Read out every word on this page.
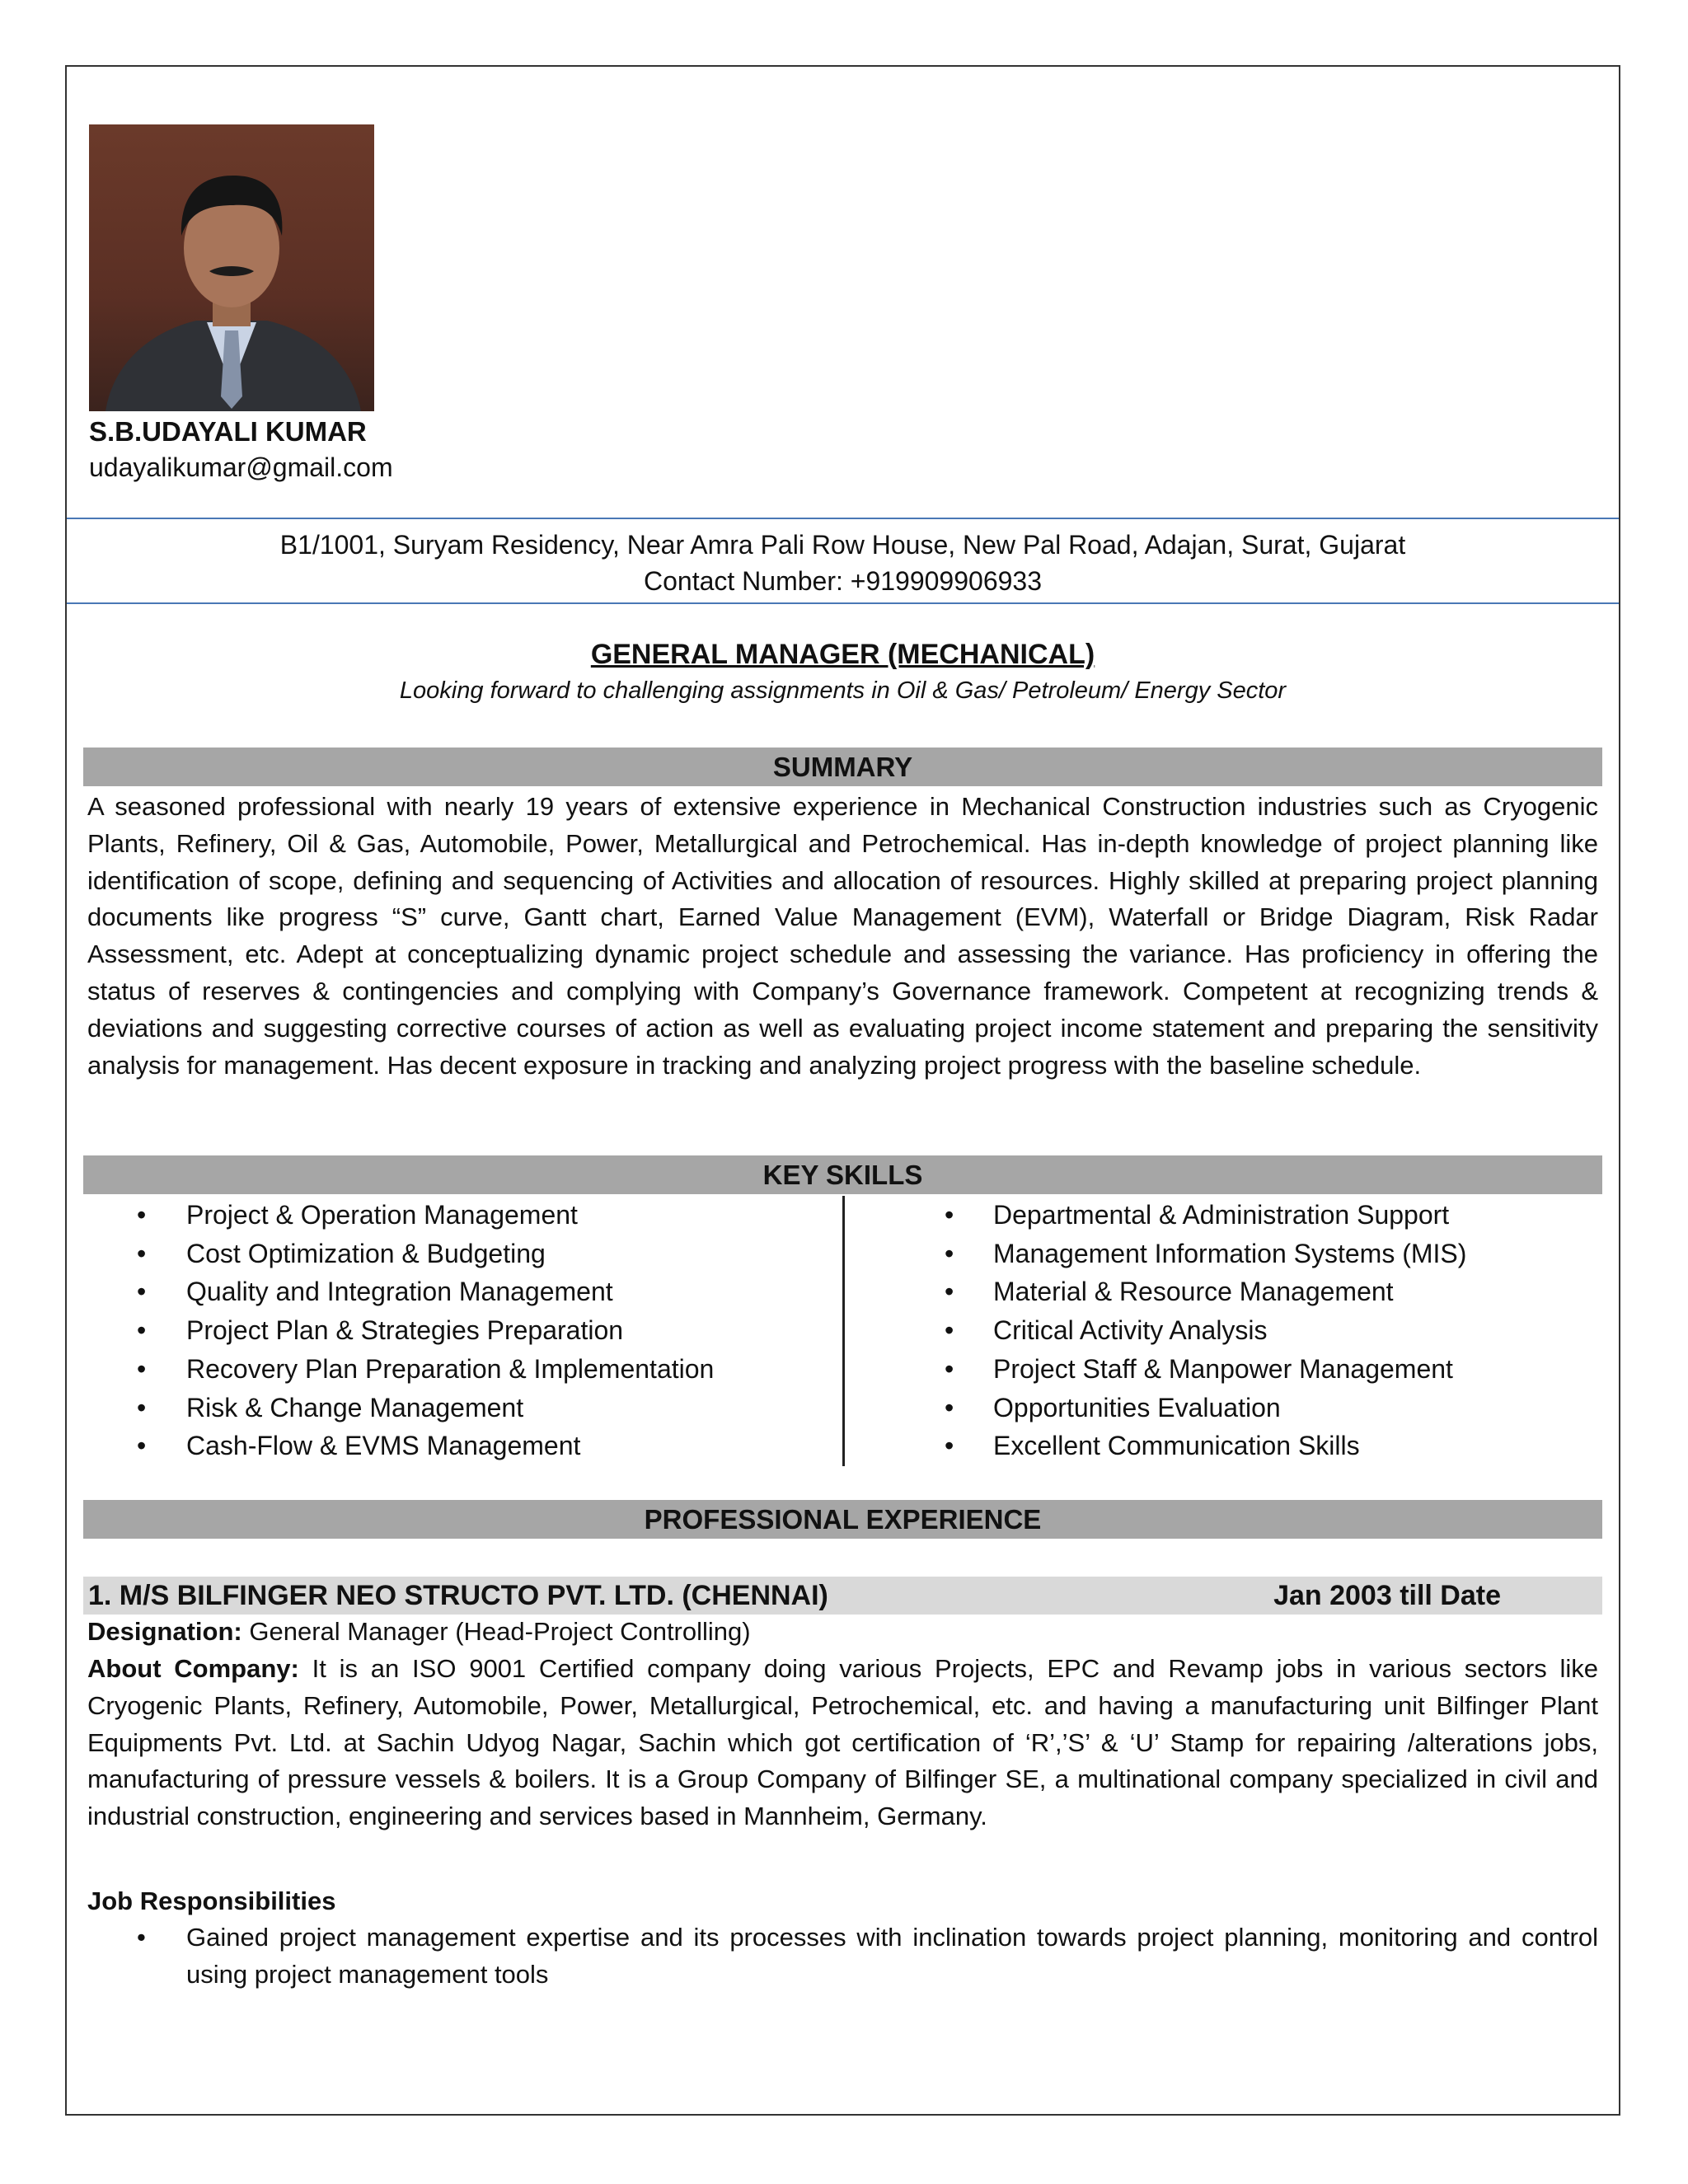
S.B.UDAYALI KUMAR
udayalikumar@gmail.com
B1/1001, Suryam Residency, Near Amra Pali Row House, New Pal Road, Adajan, Surat, Gujarat
Contact Number: +919909906933
GENERAL MANAGER (MECHANICAL)
Looking forward to challenging assignments in Oil & Gas/ Petroleum/ Energy Sector
SUMMARY
A seasoned professional with nearly 19 years of extensive experience in Mechanical Construction industries such as Cryogenic Plants, Refinery, Oil & Gas, Automobile, Power, Metallurgical and Petrochemical. Has in-depth knowledge of project planning like identification of scope, defining and sequencing of Activities and allocation of resources. Highly skilled at preparing project planning documents like progress “S” curve, Gantt chart, Earned Value Management (EVM), Waterfall or Bridge Diagram, Risk Radar Assessment, etc. Adept at conceptualizing dynamic project schedule and assessing the variance. Has proficiency in offering the status of reserves & contingencies and complying with Company’s Governance framework. Competent at recognizing trends & deviations and suggesting corrective courses of action as well as evaluating project income statement and preparing the sensitivity analysis for management. Has decent exposure in tracking and analyzing project progress with the baseline schedule.
KEY SKILLS
• Project & Operation Management
• Cost Optimization & Budgeting
• Quality and Integration Management
• Project Plan & Strategies Preparation
• Recovery Plan Preparation & Implementation
• Risk & Change Management
• Cash-Flow & EVMS Management
• Departmental & Administration Support
• Management Information Systems (MIS)
• Material & Resource Management
• Critical Activity Analysis
• Project Staff & Manpower Management
• Opportunities Evaluation
• Excellent Communication Skills
PROFESSIONAL EXPERIENCE
1. M/S BILFINGER NEO STRUCTO PVT. LTD. (CHENNAI)	Jan 2003 till Date
Designation: General Manager (Head-Project Controlling)
About Company: It is an ISO 9001 Certified company doing various Projects, EPC and Revamp jobs in various sectors like Cryogenic Plants, Refinery, Automobile, Power, Metallurgical, Petrochemical, etc. and having a manufacturing unit Bilfinger Plant Equipments Pvt. Ltd. at Sachin Udyog Nagar, Sachin which got certification of ‘R’,’S’ & ‘U’ Stamp for repairing /alterations jobs, manufacturing of pressure vessels & boilers. It is a Group Company of Bilfinger SE, a multinational company specialized in civil and industrial construction, engineering and services based in Mannheim, Germany.
Job Responsibilities
• Gained project management expertise and its processes with inclination towards project planning, monitoring and control using project management tools
